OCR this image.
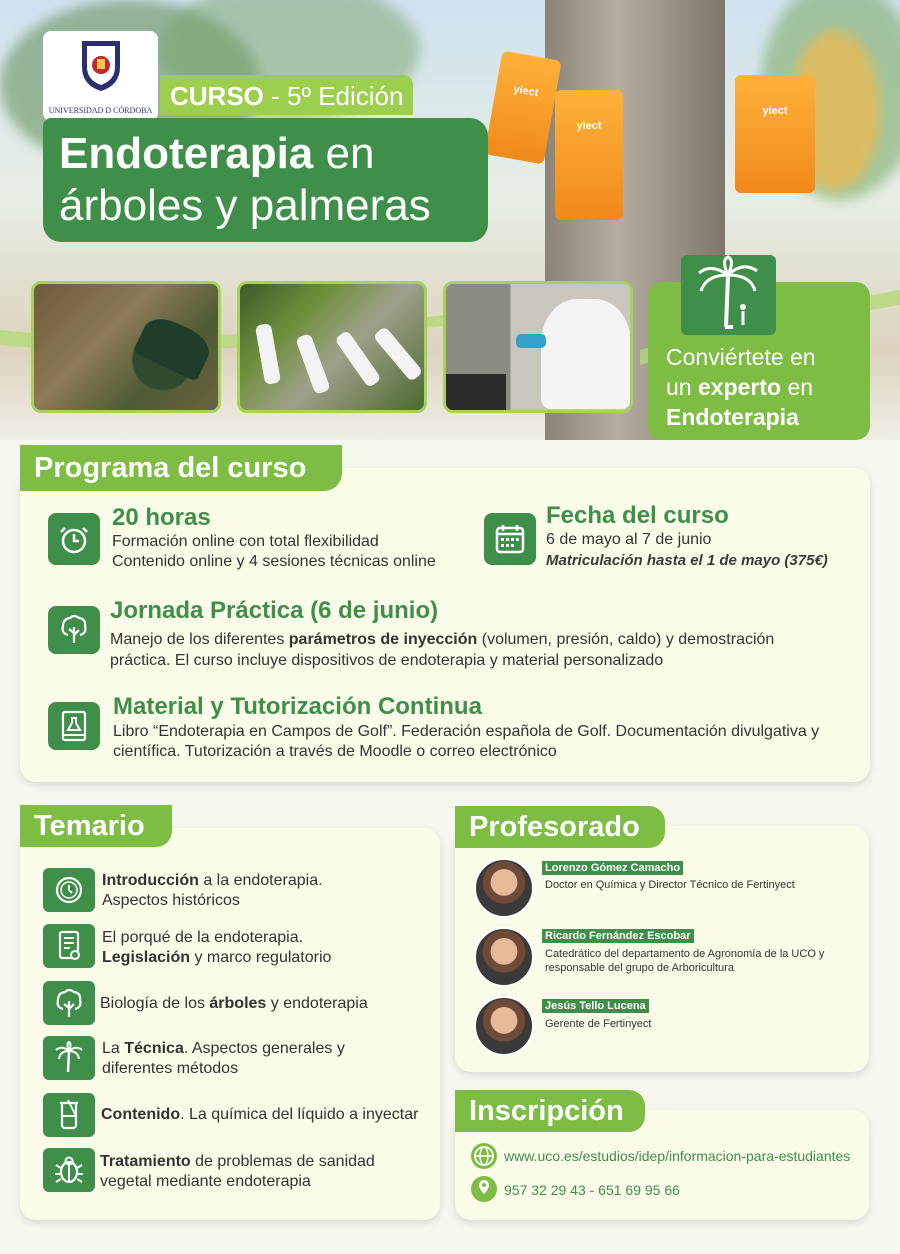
yiect
yiect
yiect
UNIVERSIDAD D CÓRDOBA CURSO - 5º Edición
Endoterapia en
árboles y palmeras
Conviértete en
un experto en
Endoterapia
Programa del curso
20 horas
Formación online con total flexibilidad
Contenido online y 4 sesiones técnicas online
Fecha del curso
6 de mayo al 7 de junio
Matriculación hasta el 1 de mayo (375€)
Jornada Práctica (6 de junio)
Manejo de los diferentes parámetros de inyección (volumen, presión, caldo) y demostración
práctica. El curso incluye dispositivos de endoterapia y material personalizado
Material y Tutorización Continua
Libro “Endoterapia en Campos de Golf”. Federación española de Golf. Documentación divulgativa y
científica. Tutorización a través de Moodle o correo electrónico
Temario
Introducción a la endoterapia.
Aspectos históricos
El porqué de la endoterapia.
Legislación y marco regulatorio
Biología de los árboles y endoterapia
La Técnica. Aspectos generales y
diferentes métodos
Contenido. La química del líquido a inyectar
Tratamiento de problemas de sanidad
vegetal mediante endoterapia
Profesorado
Lorenzo Gómez Camacho
Doctor en Química y Director Técnico de Fertinyect
Ricardo Fernández Escobar
Catedrático del departamento de Agronomía de la UCO y
responsable del grupo de Arboricultura
Jesús Tello Lucena
Gerente de Fertinyect
Inscripción
www.uco.es/estudios/idep/informacion-para-estudiantes
957 32 29 43 - 651 69 95 66
